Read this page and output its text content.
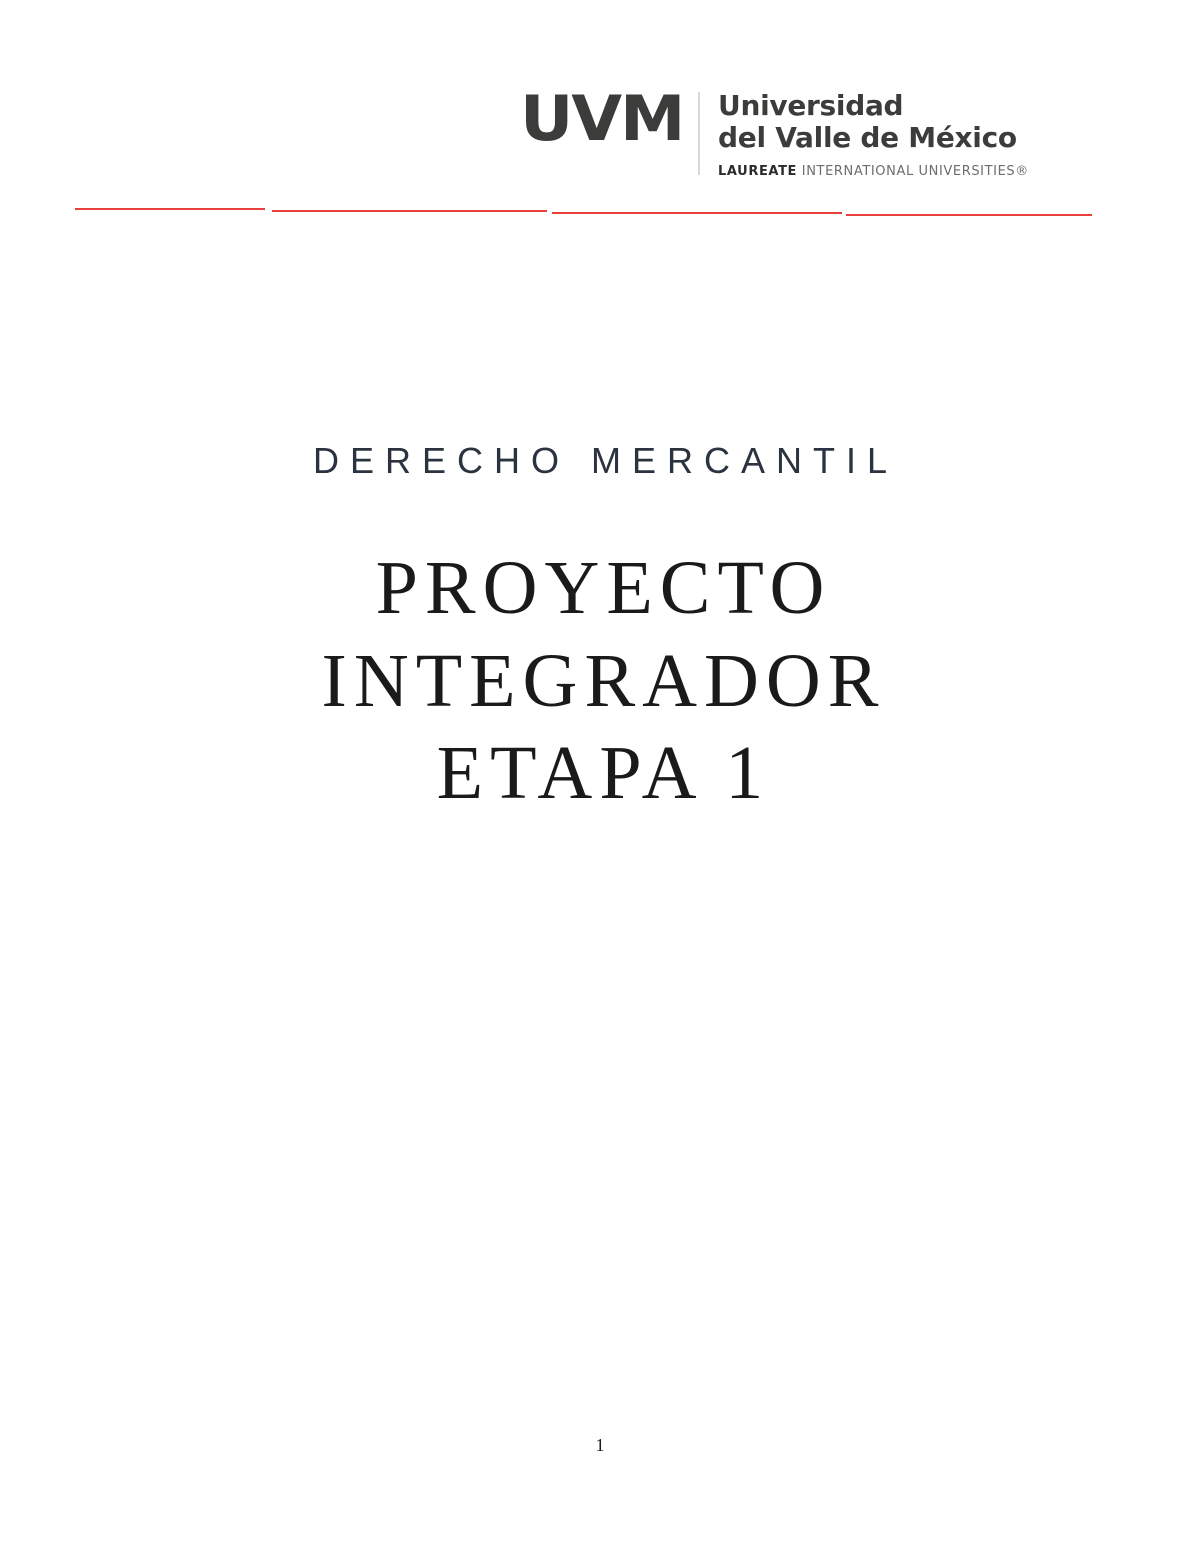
UVM	Universidad
del Valle de México
LAUREATE INTERNATIONAL UNIVERSITIES®
DERECHO MERCANTIL
PROYECTO
INTEGRADOR
ETAPA 1
1
